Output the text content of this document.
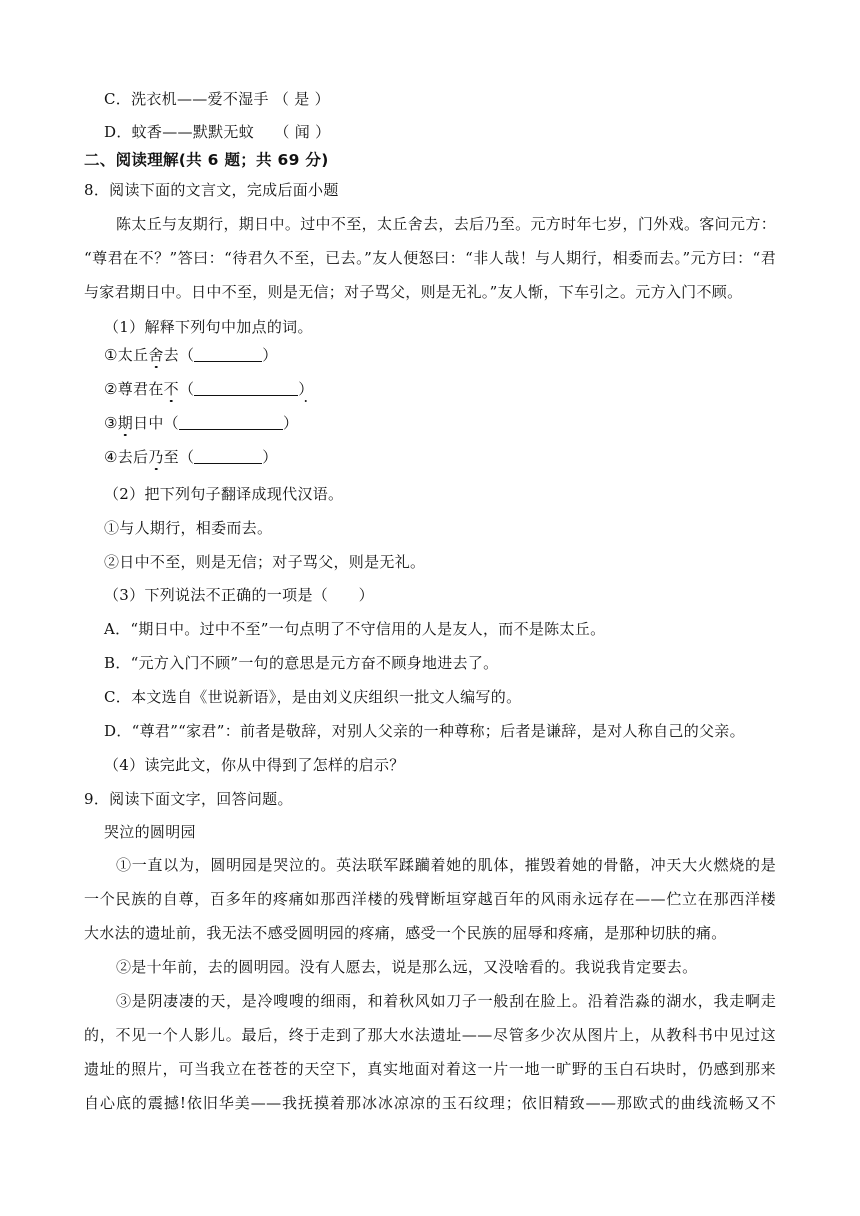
C．洗衣机——爱不湿手 （ 是 ）
D．蚊香——默默无蚊　 （ 闻 ）
二、阅读理解(共 6 题；共 69 分)
8．阅读下面的文言文，完成后面小题
陈太丘与友期行，期日中。过中不至，太丘舍去，去后乃至。元方时年七岁，门外戏。客问元方：
“尊君在不？”答曰：“待君久不至，已去。”友人便怒曰：“非人哉！与人期行，相委而去。”元方曰：“君
与家君期日中。日中不至，则是无信；对子骂父，则是无礼。”友人惭，下车引之。元方入门不顾。
（1）解释下列句中加点的词。
①太丘舍去（	）
②尊君在不（	）
③期日中（	）
④去后乃至（	）
（2）把下列句子翻译成现代汉语。
①与人期行，相委而去。
②日中不至，则是无信；对子骂父，则是无礼。
（3）下列说法不正确的一项是（　　）
A．“期日中。过中不至”一句点明了不守信用的人是友人，而不是陈太丘。
B．“元方入门不顾”一句的意思是元方奋不顾身地进去了。
C．本文选自《世说新语》，是由刘义庆组织一批文人编写的。
D．“尊君”“家君”：前者是敬辞，对别人父亲的一种尊称；后者是谦辞，是对人称自己的父亲。
（4）读完此文，你从中得到了怎样的启示？
9．阅读下面文字，回答问题。
哭泣的圆明园
①一直以为，圆明园是哭泣的。英法联军蹂躏着她的肌体，摧毁着她的骨骼，冲天大火燃烧的是
一个民族的自尊，百多年的疼痛如那西洋楼的残臂断垣穿越百年的风雨永远存在——伫立在那西洋楼
大水法的遗址前，我无法不感受圆明园的疼痛，感受一个民族的屈辱和疼痛，是那种切肤的痛。
②是十年前，去的圆明园。没有人愿去，说是那么远，又没啥看的。我说我肯定要去。
③是阴凄凄的天，是冷嗖嗖的细雨，和着秋风如刀子一般刮在脸上。沿着浩淼的湖水，我走啊走
的，不见一个人影儿。最后，终于走到了那大水法遗址——尽管多少次从图片上，从教科书中见过这
遗址的照片，可当我立在苍苍的天空下，真实地面对着这一片一地一旷野的玉白石块时，仍感到那来
自心底的震撼!依旧华美——我抚摸着那冰冰凉凉的玉石纹理；依旧精致——那欧式的曲线流畅又不
